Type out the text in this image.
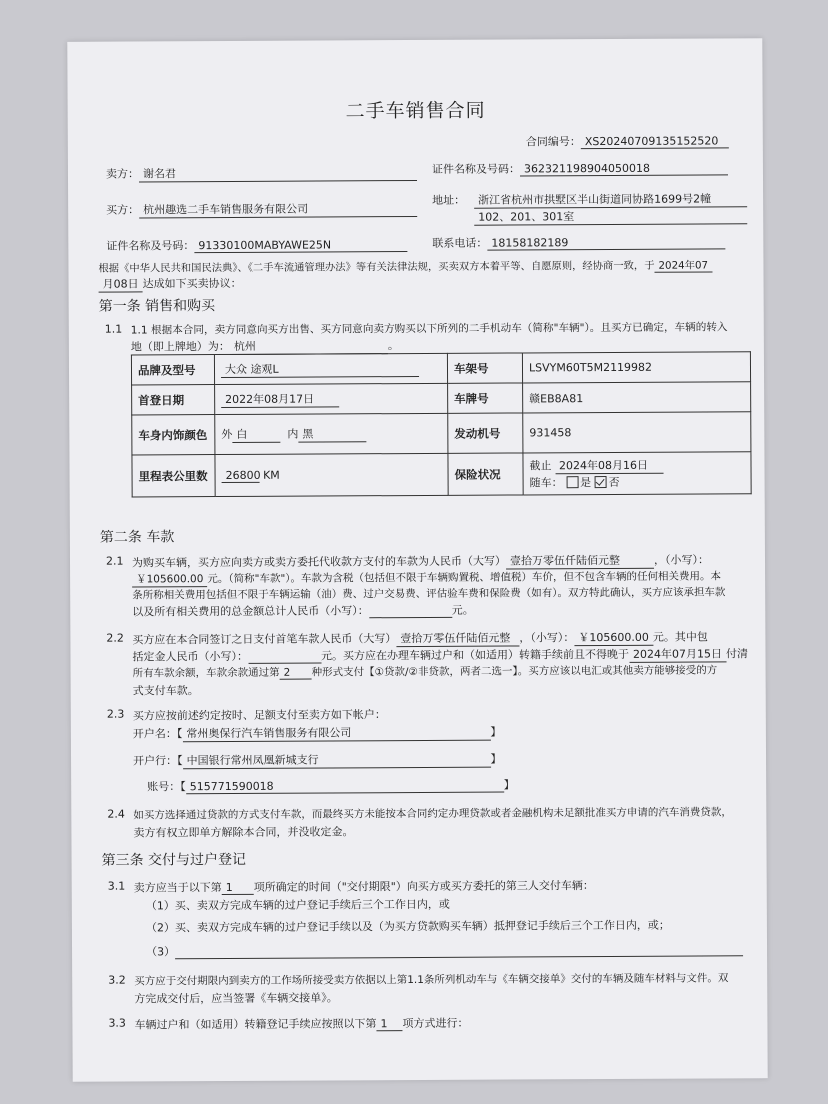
二手车销售合同
合同编号： XS20240709135152520
卖方： 谢名君	证件名称及号码： 362321198904050018
买方： 杭州趣选二手车销售服务有限公司
地址：	浙江省杭州市拱墅区半山街道同协路1699号2幢
102、201、301室
证件名称及号码： 91330100MABYAWE25N	联系电话： 18158182189
根据《中华人民共和国民法典》、《二手车流通管理办法》等有关法律法规，买卖双方本着平等、自愿原则，经协商一致，于 2024年07
月08日 达成如下买卖协议：
第一条 销售和购买
1.1 1.1 根据本合同，卖方同意向买方出售、买方同意向卖方购买以下所列的二手机动车（简称"车辆"）。且买方已确定，车辆的转入
地（即上牌地）为： 杭州	。
品牌及型号	大众 途观L	车架号	LSVYM60T5M2119982
首登日期	2022年08月17日	车牌号	赣EB8A81
车身内饰颜色	外 白 内 黑	发动机号	931458
里程表公里数	26800 KM	保险状况	截止 2024年08月16日
随车： 是 否
第二条 车款
2.1 为购买车辆，买方应向卖方或卖方委托代收款方支付的车款为人民币（大写） 壹拾万零伍仟陆佰元整	，（小写）：
￥105600.00 元。（简称"车款"）。车款为含税（包括但不限于车辆购置税、增值税）车价，但不包含车辆的任何相关费用。本
条所称相关费用包括但不限于车辆运输（油）费、过户交易费、评估验车费和保险费（如有）。双方特此确认，买方应该承担车款
以及所有相关费用的总金额总计人民币（小写）：	元。
2.2 买方应在本合同签订之日支付首笔车款人民币（大写） 壹拾万零伍仟陆佰元整 ，（小写）： ￥105600.00 元。其中包
括定金人民币（小写）：	元。买方应在办理车辆过户和（如适用）转籍手续前且不得晚于 2024年07月15日 付清
所有车款余额，车款余款通过第 2 种形式支付【①贷款/②非贷款，两者二选一】。买方应该以电汇或其他卖方能够接受的方
式支付车款。
2.3 买方应按前述约定按时、足额支付至卖方如下帐户：
开户名：【 常州奥保行汽车销售服务有限公司	】
开户行：【 中国银行常州凤凰新城支行	】
账号：【 515771590018	】
2.4 如买方选择通过贷款的方式支付车款，而最终买方未能按本合同约定办理贷款或者金融机构未足额批准买方申请的汽车消费贷款，
卖方有权立即单方解除本合同，并没收定金。
第三条 交付与过户登记
3.1 卖方应当于以下第 1 项所确定的时间（"交付期限"）向买方或买方委托的第三人交付车辆：
（1）买、卖双方完成车辆的过户登记手续后三个工作日内，或
（2）买、卖双方完成车辆的过户登记手续以及（为买方贷款购买车辆）抵押登记手续后三个工作日内，或；
（3）
3.2 买方应于交付期限内到卖方的工作场所接受卖方依据以上第1.1条所列机动车与《车辆交接单》交付的车辆及随车材料与文件。双
方完成交付后，应当签署《车辆交接单》。
3.3 车辆过户和（如适用）转籍登记手续应按照以下第 1 项方式进行：
